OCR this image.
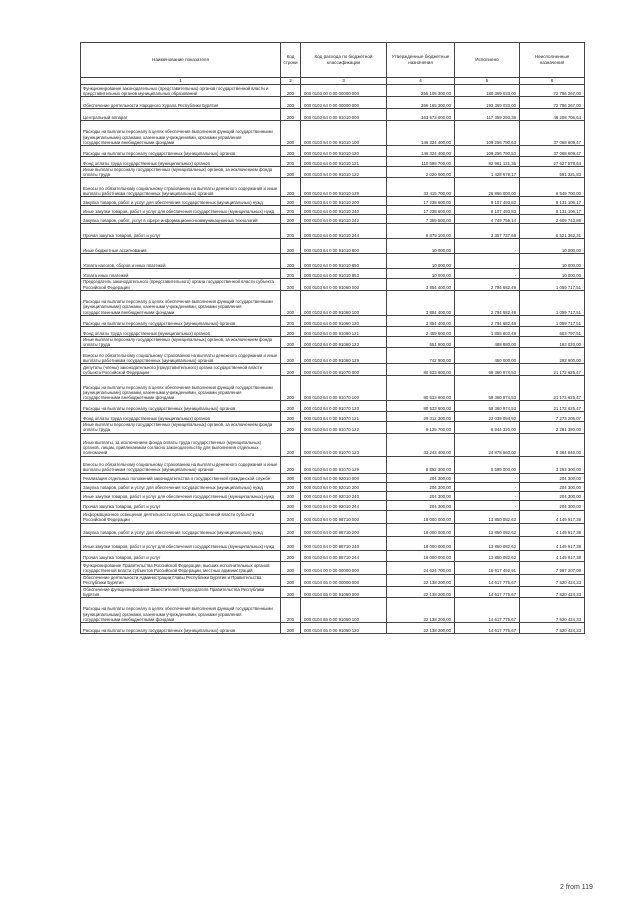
Наименование показателя	Код строки	Код расхода по бюджетной классификации	Утвержденные бюджетные назначения	Исполнено	Неисполненные назначения
1	2	3	4	5	6
Функционирование законодательных (представительных) органов государственной власти и представительных органов муниципальных образований	200	000 0103 00 0 00 00000 000	255 105 300,00	180 369 033,00	72 796 267,00
Обеспечение деятельности Народного Хурала Республики Бурятия	200	000 0103 64 0 00 00000 000	266 165 300,00	193 369 033,00	72 796 267,00
Центральный аппарат	200	000 0103 64 0 00 91010 000	163 573 000,00	117 359 293,36	46 208 706,64
Расходы на выплаты персоналу в целях обеспечения выполнения функций государственными (муниципальными) органами, казенными учреждениями, органами управления государственными внебюджетными фондами	200	000 0103 64 0 00 91010 100	146 324 400,00	109 256 790,63	37 068 609,47
Расходы на выплаты персоналу государственных (муниципальных) органов	200	000 0103 64 0 00 91010 120	146 324 400,00	109 256 790,53	37 068 609,47
Фонд оплаты труда государственных (муниципальных) органов	200	000 0103 64 0 00 91010 121	110 598 700,00	82 961 121,36	27 627 578,64
Иные выплаты персоналу государственных (муниципальных) органов, за исключением фонда оплаты труда	200	000 0103 64 0 00 91010 122	2 020 000,00	1 428 678,17	591 321,83
Взносы по обязательному социальному страхованию на выплаты денежного содержания и иные выплаты работникам государственных (муниципальных) органов	200	000 0103 64 0 00 91010 129	33 415 700,00	26 866 000,00	6 549 700,00
Закупка товаров, работ и услуг для обеспечения государственных (муниципальных) нужд	200	000 0103 64 0 00 91010 200	17 238 600,00	8 107 493,83	9 131 106,17
Иные закупки товаров, работ и услуг для обеспечения государственных (муниципальных) нужд	200	000 0103 64 0 00 91010 240	17 238 600,00	8 107 493,83	9 131 106,17
Закупка товаров, работ, услуг в сфере информационно-коммуникационных технологий	200	000 0103 64 0 00 91010 242	7 359 500,00	4 749 756,14	2 609 743,86
Прочая закупка товаров, работ и услуг	200	000 0103 64 0 00 91010 244	9 879 100,00	3 357 737,69	6 521 362,31
Иные бюджетные ассигнования	200	000 0103 64 0 00 91010 800	10 000,00	-	10 000,00
Уплата налогов, сборов и иных платежей	200	000 0103 64 0 00 91010 850	10 000,00	-	10 000,00
Уплата иных платежей	200	000 0103 64 0 00 91010 853	10 000,00	-	10 000,00
Председатель законодательного (представительного) органа государственной власти субъекта Российской Федерации	200	000 0103 64 0 00 91060 000	3 854 400,00	2 794 682,49	1 059 717,51
Расходы на выплаты персоналу в целях обеспечения выполнения функций государственными (муниципальными) органами, казенными учреждениями, органами управления государственными внебюджетными фондами	200	000 0103 64 0 00 91060 100	3 854 400,00	2 794 682,49	1 059 717,51
Расходы на выплаты персоналу государственных (муниципальных) органов	200	000 0103 64 0 00 91060 120	3 854 400,00	2 794 682,49	1 059 717,51
Фонд оплаты труда государственных (муниципальных) органов	200	000 0103 64 0 00 91060 121	2 459 600,00	1 855 802,49	603 797,51
Иные выплаты персоналу государственных (муниципальных) органов, за исключением фонда оплаты труда	200	000 0103 64 0 00 91060 122	651 900,00	488 880,00	163 020,00
Взносы по обязательному социальному страхованию на выплаты денежного содержания и иные выплаты работникам государственных (муниципальных) органов	200	000 0103 64 0 00 91060 129	742 900,00	450 000,00	292 900,00
Депутаты (члены) законодательного (представительного) органа государственной власти субъекта Российской Федерации	200	000 0103 64 0 00 91070 000	80 533 600,00	59 360 974,53	21 172 625,47
Расходы на выплаты персоналу в целях обеспечения выполнения функций государственными (муниципальными) органами, казенными учреждениями, органами управления государственными внебюджетными фондами	200	000 0103 64 0 00 91070 100	80 533 600,00	59 360 974,53	21 172 625,47
Расходы на выплаты персоналу государственных (муниципальных) органов	200	000 0103 64 0 00 91070 120	80 533 600,00	59 360 974,53	21 172 625,47
Фонд оплаты труда государственных (муниципальных) органов	200	000 0103 64 0 00 91070 121	29 312 300,00	22 039 094,93	7 273 205,07
Иные выплаты персоналу государственных (муниципальных) органов, за исключением фонда оплаты труда	200	000 0103 64 0 00 91070 122	9 125 700,00	6 844 320,00	2 281 380,00
Иные выплаты, за исключением фонда оплаты труда государственных (муниципальных) органов, лицам, привлекаемым согласно законодательству для выполнения отдельных полномочий	200	000 0103 64 0 00 91070 123	33 243 400,00	24 878 560,00	8 364 840,00
Взносы по обязательному социальному страхованию на выплаты денежного содержания и иные выплаты работникам государственных (муниципальных) органов	200	000 0103 64 0 00 91070 129	8 852 300,00	5 599 000,00	3 253 300,00
Реализация отдельных положений законодательства о государственной гражданской службе	200	000 0103 64 0 00 92010 000	204 300,00	-	204 300,00
Закупка товаров, работ и услуг для обеспечения государственных (муниципальных) нужд	200	000 0103 64 0 00 92010 200	204 300,00	-	204 300,00
Иные закупки товаров, работ и услуг для обеспечения государственных (муниципальных) нужд	200	000 0103 64 0 00 92010 240	204 300,00	-	204 300,00
Прочая закупка товаров, работ и услуг	200	000 0103 64 0 00 92010 244	204 300,00	-	204 300,00
Информационное освещение деятельности органа государственной власти субъекта Российской Федерации	200	000 0103 64 0 00 98710 000	18 000 000,00	13 850 082,62	4 149 917,38
Закупка товаров, работ и услуг для обеспечения государственных (муниципальных) нужд	200	000 0103 64 0 00 98710 200	18 000 000,00	13 850 082,62	4 149 917,38
Иные закупки товаров, работ и услуг для обеспечения государственных (муниципальных) нужд	200	000 0103 64 0 00 98710 240	18 000 000,00	13 850 082,62	4 149 917,38
Прочая закупка товаров, работ и услуг	200	000 0103 64 0 00 98710 244	18 000 000,00	13 850 082,62	4 149 917,38
Функционирование Правительства Российской Федерации, высших исполнительных органов государственной власти субъектов Российской Федерации, местных администраций	200	000 0104 00 0 00 00000 000	24 624 700,00	16 917 492,91	7 997 207,09
Обеспечение деятельности Администрации Главы Республики Бурятия и Правительства Республики Бурятия	200	000 0104 65 0 00 00000 000	22 138 200,00	14 617 775,67	7 520 424,33
Обеспечение функционирования Заместителей Председателя Правительства Республики Бурятия	200	000 0104 65 0 00 91050 000	22 138 200,00	14 617 775,67	7 520 424,33
Расходы на выплаты персоналу в целях обеспечения выполнения функций государственными (муниципальными) органами, казенными учреждениями, органами управления государственными внебюджетными фондами	200	000 0104 65 0 00 91050 100	22 138 200,00	14 617 775,67	7 520 424,33
Расходы на выплаты персоналу государственных (муниципальных) органов	200	000 0104 65 0 00 91050 120	22 138 200,00	14 617 775,67	7 520 424,33
2 from 119
